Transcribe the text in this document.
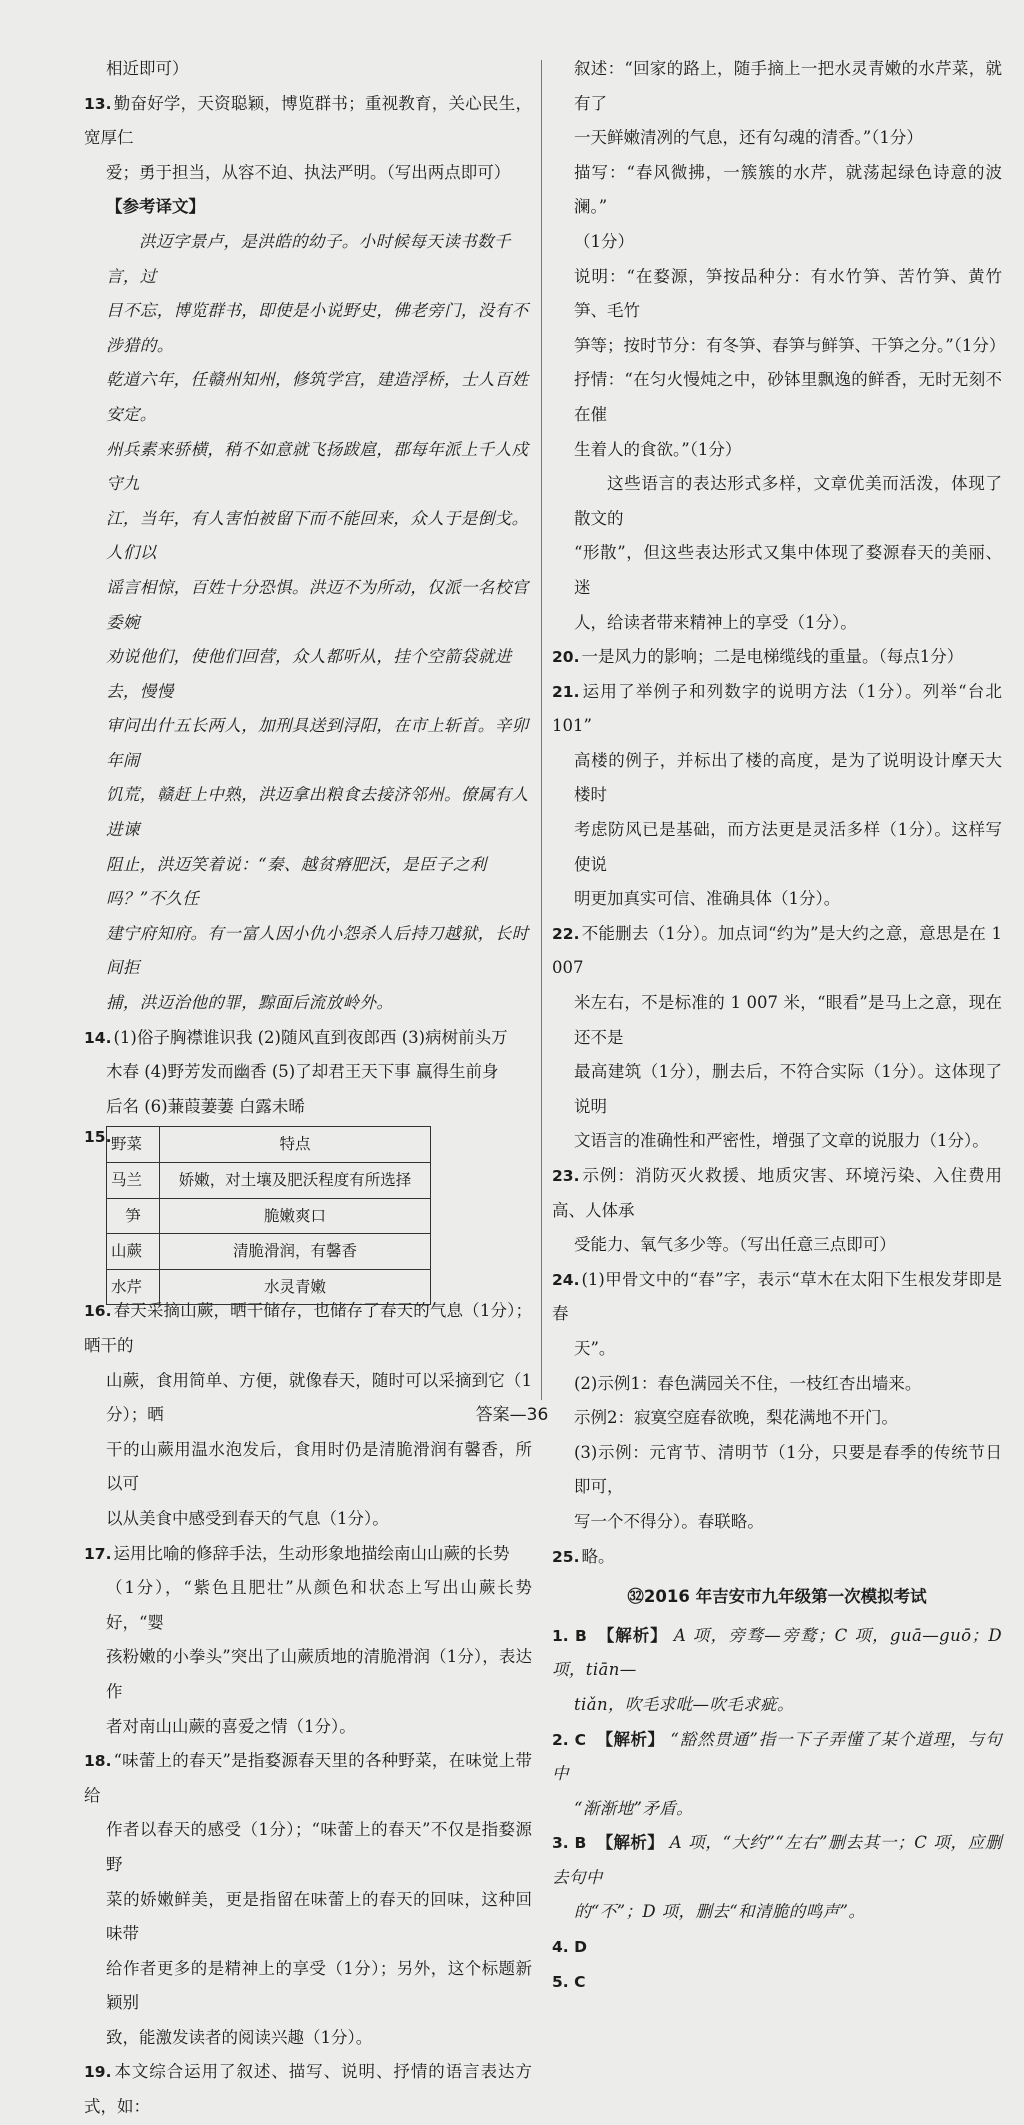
相近即可）

13. 勤奋好学，天资聪颖，博览群书；重视教育，关心民生，宽厚仁

爱；勇于担当，从容不迫、执法严明。（写出两点即可）

【参考译文】

洪迈字景卢，是洪皓的幼子。小时候每天读书数千言，过

目不忘，博览群书，即使是小说野史，佛老旁门，没有不涉猎的。

乾道六年，任赣州知州，修筑学宫，建造浮桥，士人百姓安定。

州兵素来骄横，稍不如意就飞扬跋扈，郡每年派上千人戍守九

江，当年，有人害怕被留下而不能回来，众人于是倒戈。人们以

谣言相惊，百姓十分恐惧。洪迈不为所动，仅派一名校官委婉

劝说他们，使他们回营，众人都听从，挂个空箭袋就进去，慢慢

审问出什五长两人，加刑具送到浔阳，在市上斩首。辛卯年闹

饥荒，赣赶上中熟，洪迈拿出粮食去接济邻州。僚属有人进谏

阻止，洪迈笑着说：“秦、越贫瘠肥沃，是臣子之利吗？”不久任

建宁府知府。有一富人因小仇小怨杀人后持刀越狱，长时间拒

捕，洪迈治他的罪，黥面后流放岭外。

14. (1)俗子胸襟谁识我 (2)随风直到夜郎西 (3)病树前头万

木春 (4)野芳发而幽香 (5)了却君王天下事 赢得生前身

后名 (6)蒹葭萋萋 白露未晞

15. 野菜	特点
马兰	娇嫩，对土壤及肥沃程度有所选择
笋	脆嫩爽口
山蕨	清脆滑润，有馨香
水芹	水灵青嫩

16. 春天采摘山蕨，晒干储存，也储存了春天的气息（1分）；晒干的

山蕨，食用简单、方便，就像春天，随时可以采摘到它（1分）；晒

干的山蕨用温水泡发后，食用时仍是清脆滑润有馨香，所以可

以从美食中感受到春天的气息（1分）。

17. 运用比喻的修辞手法，生动形象地描绘南山山蕨的长势

（1分），“紫色且肥壮”从颜色和状态上写出山蕨长势好，“婴

孩粉嫩的小拳头”突出了山蕨质地的清脆滑润（1分），表达作

者对南山山蕨的喜爱之情（1分）。

18. “味蕾上的春天”是指婺源春天里的各种野菜，在味觉上带给

作者以春天的感受（1分）；“味蕾上的春天”不仅是指婺源野

菜的娇嫩鲜美，更是指留在味蕾上的春天的回味，这种回味带

给作者更多的是精神上的享受（1分）；另外，这个标题新颖别

致，能激发读者的阅读兴趣（1分）。

19. 本文综合运用了叙述、描写、说明、抒情的语言表达方式，如：

叙述：“回家的路上，随手摘上一把水灵青嫩的水芹菜，就有了

一天鲜嫩清冽的气息，还有勾魂的清香。”（1分）

描写：“春风微拂，一簇簇的水芹，就荡起绿色诗意的波澜。”

（1分）

说明：“在婺源，笋按品种分：有水竹笋、苦竹笋、黄竹笋、毛竹

笋等；按时节分：有冬笋、春笋与鲜笋、干笋之分。”（1分）

抒情：“在匀火慢炖之中，砂钵里飘逸的鲜香，无时无刻不在催

生着人的食欲。”（1分）

这些语言的表达形式多样，文章优美而活泼，体现了散文的

“形散”，但这些表达形式又集中体现了婺源春天的美丽、迷

人，给读者带来精神上的享受（1分）。

20. 一是风力的影响；二是电梯缆线的重量。（每点1分）

21. 运用了举例子和列数字的说明方法（1分）。列举“台北101”

高楼的例子，并标出了楼的高度，是为了说明设计摩天大楼时

考虑防风已是基础，而方法更是灵活多样（1分）。这样写使说

明更加真实可信、准确具体（1分）。

22. 不能删去（1分）。加点词“约为”是大约之意，意思是在 1 007

米左右，不是标准的 1 007 米，“眼看”是马上之意，现在还不是

最高建筑（1分），删去后，不符合实际（1分）。这体现了说明

文语言的准确性和严密性，增强了文章的说服力（1分）。

23. 示例：消防灭火救援、地质灾害、环境污染、入住费用高、人体承

受能力、氧气多少等。（写出任意三点即可）

24. (1)甲骨文中的“春”字，表示“草木在太阳下生根发芽即是春

天”。

(2)示例1：春色满园关不住，一枝红杏出墙来。

示例2：寂寞空庭春欲晚，梨花满地不开门。

(3)示例：元宵节、清明节（1分，只要是春季的传统节日即可，

写一个不得分）。春联略。

25. 略。

㉜2016 年吉安市九年级第一次模拟考试

1. B 【解析】 A 项，旁骛—旁鹜；C 项，guā—guō；D 项，tiān—

tiǎn，吹毛求吡—吹毛求疵。

2. C 【解析】 “豁然贯通”指一下子弄懂了某个道理，与句中

“渐渐地”矛盾。

3. B 【解析】 A 项，“大约”“左右”删去其一；C 项，应删去句中

的“不”；D 项，删去“和清脆的鸣声”。

4. D

5. C

答案—36
